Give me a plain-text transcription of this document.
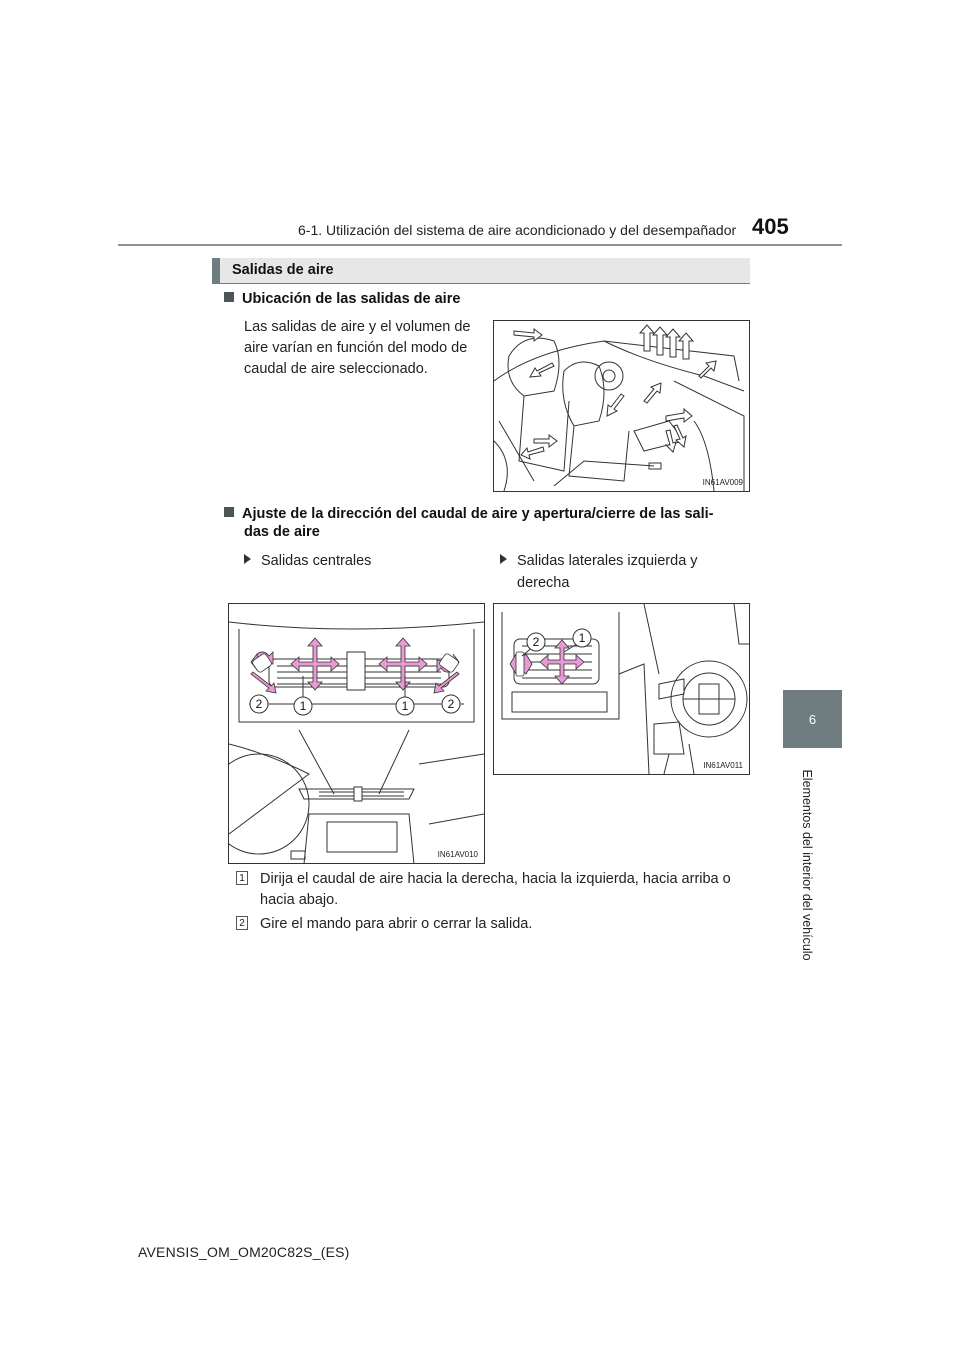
6-1. Utilización del sistema de aire acondicionado y del desempañador 405
6
Elementos del interior del vehículo
Salidas de aire
Ubicación de las salidas de aire
Las salidas de aire y el volumen de aire varían en función del modo de caudal de aire seleccionado.
IN61AV009
Ajuste de la dirección del caudal de aire y apertura/cierre de las sali-
das de aire
Salidas centrales	Salidas laterales izquierda y
derecha
2	1	1	2
IN61AV010
2	1
IN61AV011
1 Dirija el caudal de aire hacia la derecha, hacia la izquierda, hacia arriba o hacia abajo.
2 Gire el mando para abrir o cerrar la salida.
AVENSIS_OM_OM20C82S_(ES)
